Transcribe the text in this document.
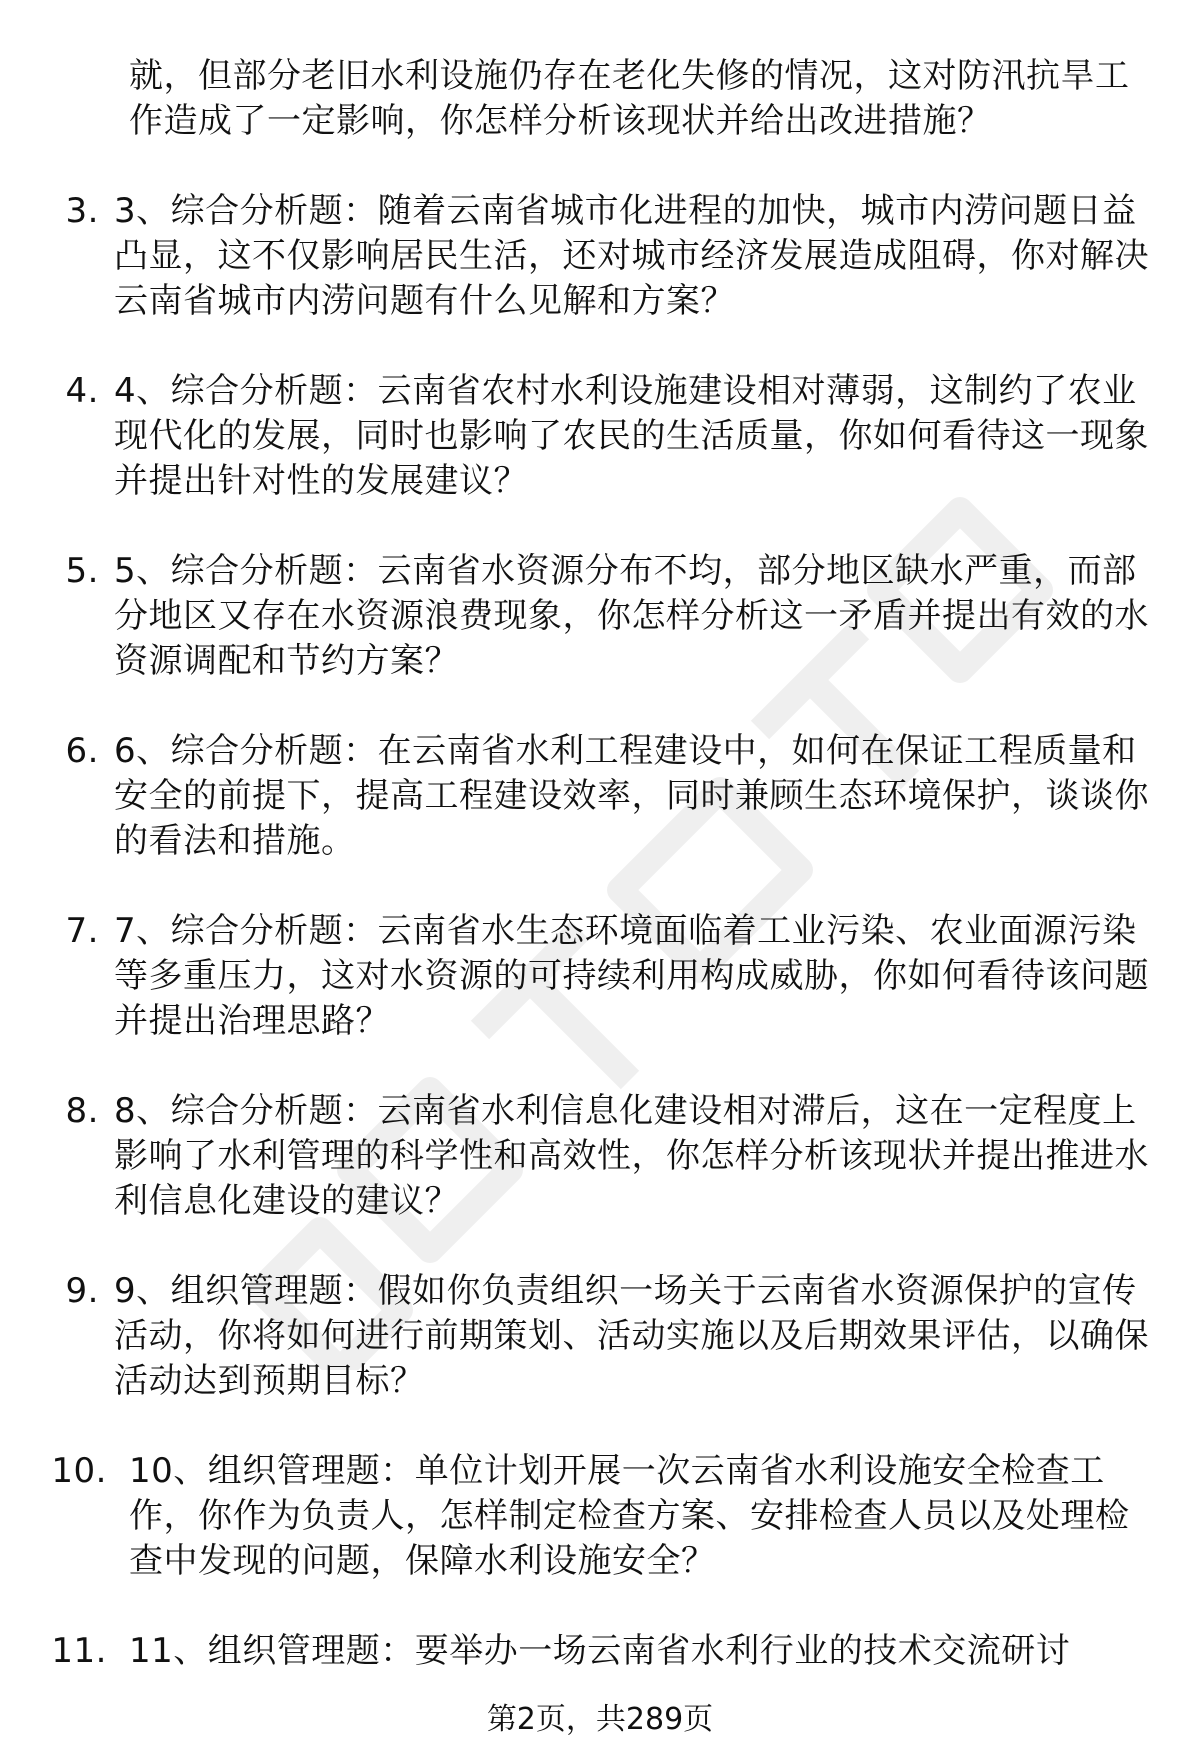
就，但部分老旧水利设施仍存在老化失修的情况，这对防汛抗旱工作造成了一定影响，你怎样分析该现状并给出改进措施？
3. 3、综合分析题：随着云南省城市化进程的加快，城市内涝问题日益凸显，这不仅影响居民生活，还对城市经济发展造成阻碍，你对解决云南省城市内涝问题有什么见解和方案？
4. 4、综合分析题：云南省农村水利设施建设相对薄弱，这制约了农业现代化的发展，同时也影响了农民的生活质量，你如何看待这一现象并提出针对性的发展建议？
5. 5、综合分析题：云南省水资源分布不均，部分地区缺水严重，而部分地区又存在水资源浪费现象，你怎样分析这一矛盾并提出有效的水资源调配和节约方案？
6. 6、综合分析题：在云南省水利工程建设中，如何在保证工程质量和安全的前提下，提高工程建设效率，同时兼顾生态环境保护，谈谈你的看法和措施。
7. 7、综合分析题：云南省水生态环境面临着工业污染、农业面源污染等多重压力，这对水资源的可持续利用构成威胁，你如何看待该问题并提出治理思路？
8. 8、综合分析题：云南省水利信息化建设相对滞后，这在一定程度上影响了水利管理的科学性和高效性，你怎样分析该现状并提出推进水利信息化建设的建议？
9. 9、组织管理题：假如你负责组织一场关于云南省水资源保护的宣传活动，你将如何进行前期策划、活动实施以及后期效果评估，以确保活动达到预期目标？
10. 10、组织管理题：单位计划开展一次云南省水利设施安全检查工作，你作为负责人，怎样制定检查方案、安排检查人员以及处理检查中发现的问题，保障水利设施安全？
11. 11、组织管理题：要举办一场云南省水利行业的技术交流研讨
第2页，共289页
